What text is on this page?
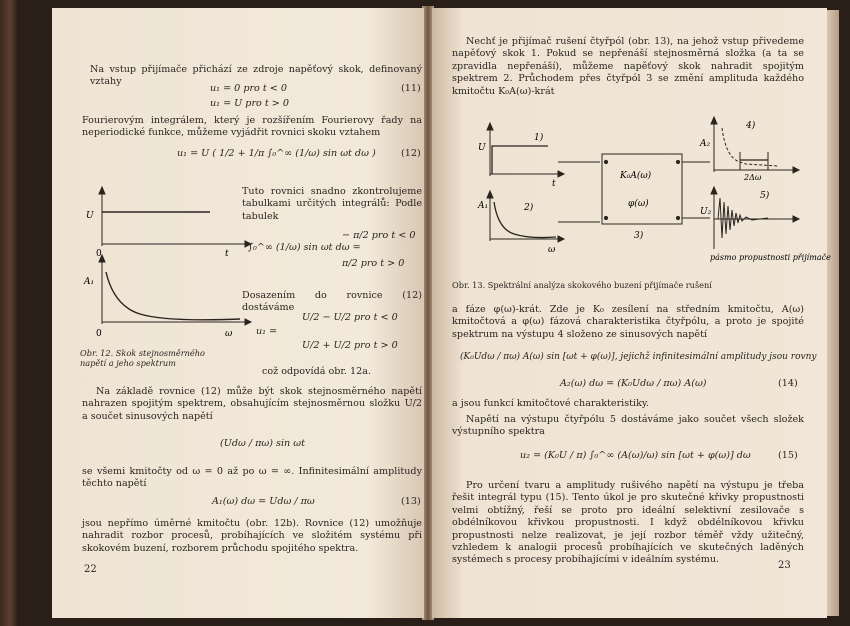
Na vstup přijímače přichází ze zdroje napěťový skok, definovaný vztahy
u₁ = 0 pro t < 0	(11)
u₁ = U pro t > 0
Fourierovým integrálem, který je rozšířením Fourierovy řady na neperiodické funkce, můžeme vyjádřit rovnici skoku vztahem
u₁ = U ( 1/2 + 1/π ∫₀^∞ (1/ω) sin ωt dω )	(12)
U
t
0
A₁
ω
0
Obr. 12. Skok stejnosměrného napětí a jeho spektrum
Tuto rovnici snadno zkontrolujeme tabulkami určitých integrálů: Podle tabulek
∫₀^∞ (1/ω) sin ωt dω =
− π/2 pro t < 0
π/2 pro t > 0
Dosazením do rovnice (12) dostáváme
u₁ =
U/2 − U/2 pro t < 0
U/2 + U/2 pro t > 0
což odpovídá obr. 12a.
Na základě rovnice (12) může být skok stejnosměrného napětí nahrazen spojitým spektrem, obsahujícím stejnosměrnou složku U/2 a součet sinusových napětí
(Udω / πω) sin ωt
se všemi kmitočty od ω = 0 až po ω = ∞. Infinitesimální amplitudy těchto napětí
A₁(ω) dω = Udω / πω	(13)
jsou nepřímo úměrné kmitočtu (obr. 12b). Rovnice (12) umožňuje nahradit rozbor procesů, probíhajících ve složitém systému při skokovém buzení, rozborem průchodu spojitého spektra.
22
Nechť je přijímač rušení čtyřpól (obr. 13), na jehož vstup přivedeme napěťový skok 1. Pokud se nepřenáší stejnosměrná složka (a ta se zpravidla nepřenáší), můžeme napěťový skok nahradit spojitým spektrem 2. Průchodem přes čtyřpól 3 se změní amplituda každého kmitočtu K₀A(ω)-krát
1)
U
t
2)
A₁
ω
K₀A(ω)
φ(ω)
3)
4)
A₂
2Δω
5)
U₂
pásmo propustnosti přijímače
Obr. 13. Spektrální analýza skokového buzení přijímače rušení
a fáze φ(ω)-krát. Zde je K₀ zesílení na středním kmitočtu, A(ω) kmitočtová a φ(ω) fázová charakteristika čtyřpólu, a proto je spojité spektrum na výstupu 4 složeno ze sinusových napětí
(K₀Udω / πω) A(ω) sin [ωt + φ(ω)], jejichž infinitesimální amplitudy jsou rovny
A₂(ω) dω = (K₀Udω / πω) A(ω)	(14)
a jsou funkcí kmitočtové charakteristiky.
Napětí na výstupu čtyřpólu 5 dostáváme jako součet všech složek výstupního spektra
u₂ = (K₀U / π) ∫₀^∞ (A(ω)/ω) sin [ωt + φ(ω)] dω	(15)
Pro určení tvaru a amplitudy rušivého napětí na výstupu je třeba řešit integrál typu (15). Tento úkol je pro skutečné křivky propustnosti velmi obtížný, řeší se proto pro ideální selektivní zesilovače s obdélníkovou křivkou propustnosti. I když obdélníkovou křivku propustnosti nelze realizovat, je její rozbor téměř vždy užitečný, vzhledem k analogii procesů probíhajících ve skutečných laděných systémech s procesy probíhajícími v ideálním systému.
23
